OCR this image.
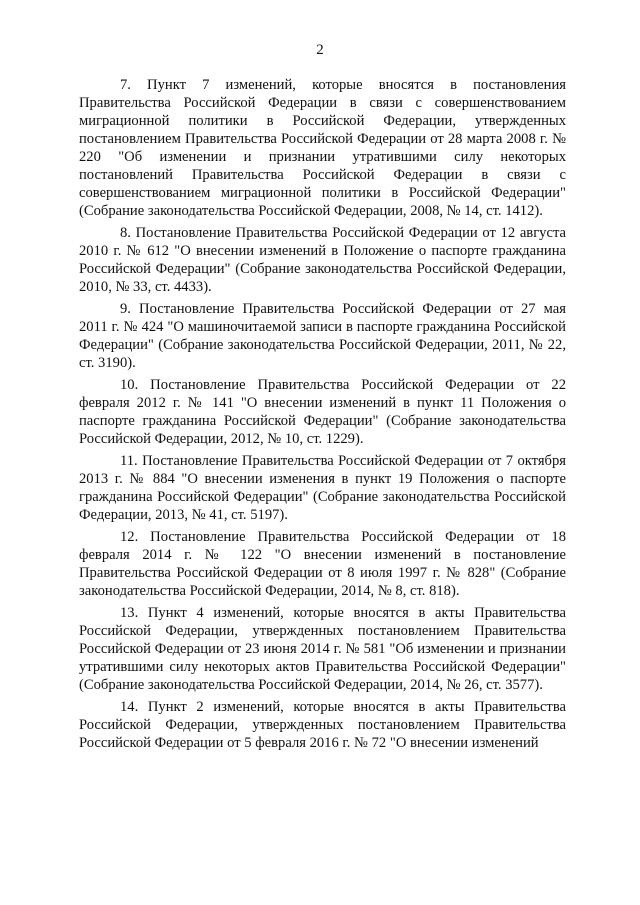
2

7. Пункт 7 изменений, которые вносятся в постановления Правительства Российской Федерации в связи с совершенствованием миграционной политики в Российской Федерации, утвержденных постановлением Правительства Российской Федерации от 28 марта 2008 г. № 220 "Об изменении и признании утратившими силу некоторых постановлений Правительства Российской Федерации в связи с совершенствованием миграционной политики в Российской Федерации" (Собрание законодательства Российской Федерации, 2008, № 14, ст. 1412).

8. Постановление Правительства Российской Федерации от 12 августа 2010 г. № 612 "О внесении изменений в Положение о паспорте гражданина Российской Федерации" (Собрание законодательства Российской Федерации, 2010, № 33, ст. 4433).

9. Постановление Правительства Российской Федерации от 27 мая 2011 г. № 424 "О машиночитаемой записи в паспорте гражданина Российской Федерации" (Собрание законодательства Российской Федерации, 2011, № 22, ст. 3190).

10. Постановление Правительства Российской Федерации от 22 февраля 2012 г. № 141 "О внесении изменений в пункт 11 Положения о паспорте гражданина Российской Федерации" (Собрание законодательства Российской Федерации, 2012, № 10, ст. 1229).

11. Постановление Правительства Российской Федерации от 7 октября 2013 г. № 884 "О внесении изменения в пункт 19 Положения о паспорте гражданина Российской Федерации" (Собрание законодательства Российской Федерации, 2013, № 41, ст. 5197).

12. Постановление Правительства Российской Федерации от 18 февраля 2014 г. № 122 "О внесении изменений в постановление Правительства Российской Федерации от 8 июля 1997 г. № 828" (Собрание законодательства Российской Федерации, 2014, № 8, ст. 818).

13. Пункт 4 изменений, которые вносятся в акты Правительства Российской Федерации, утвержденных постановлением Правительства Российской Федерации от 23 июня 2014 г. № 581 "Об изменении и признании утратившими силу некоторых актов Правительства Российской Федерации" (Собрание законодательства Российской Федерации, 2014, № 26, ст. 3577).

14. Пункт 2 изменений, которые вносятся в акты Правительства Российской Федерации, утвержденных постановлением Правительства Российской Федерации от 5 февраля 2016 г. № 72 "О внесении изменений
